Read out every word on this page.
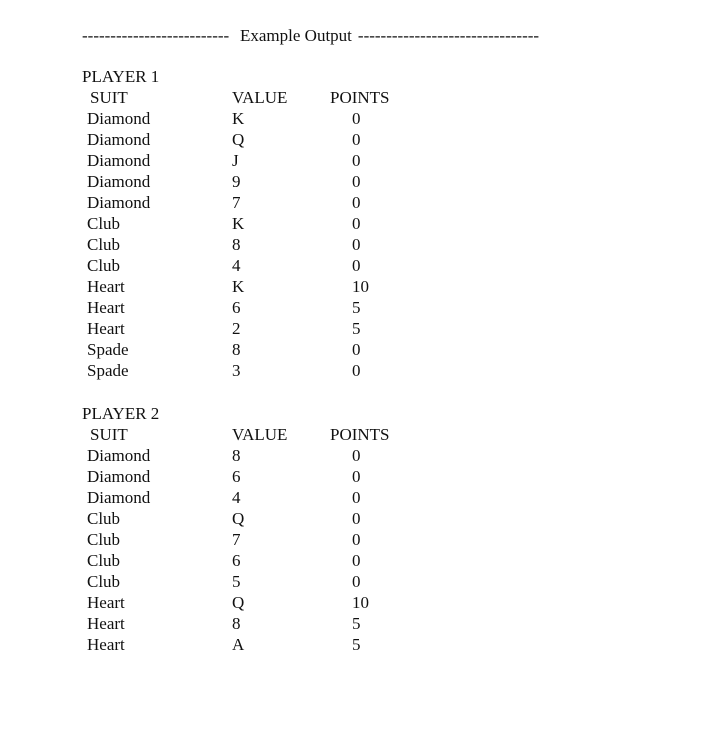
-------------------------- Example Output --------------------------------
PLAYER 1
SUIT	VALUE	POINTS
Diamond	K	0
Diamond	Q	0
Diamond	J	0
Diamond	9	0
Diamond	7	0
Club	K	0
Club	8	0
Club	4	0
Heart	K	10
Heart	6	5
Heart	2	5
Spade	8	0
Spade	3	0
PLAYER 2
SUIT	VALUE	POINTS
Diamond	8	0
Diamond	6	0
Diamond	4	0
Club	Q	0
Club	7	0
Club	6	0
Club	5	0
Heart	Q	10
Heart	8	5
Heart	A	5
